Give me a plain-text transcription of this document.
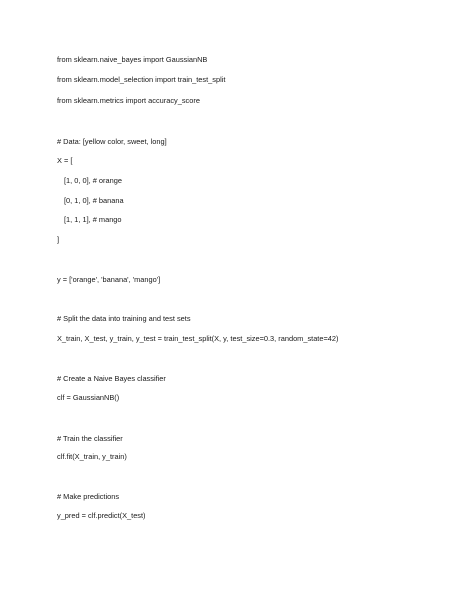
from sklearn.naive_bayes import GaussianNB
from sklearn.model_selection import train_test_split
from sklearn.metrics import accuracy_score
# Data: [yellow color, sweet, long]
X = [
[1, 0, 0], # orange
[0, 1, 0], # banana
[1, 1, 1], # mango
]
y = ['orange', 'banana', 'mango']
# Split the data into training and test sets
X_train, X_test, y_train, y_test = train_test_split(X, y, test_size=0.3, random_state=42)
# Create a Naive Bayes classifier
clf = GaussianNB()
# Train the classifier
clf.fit(X_train, y_train)
# Make predictions
y_pred = clf.predict(X_test)
